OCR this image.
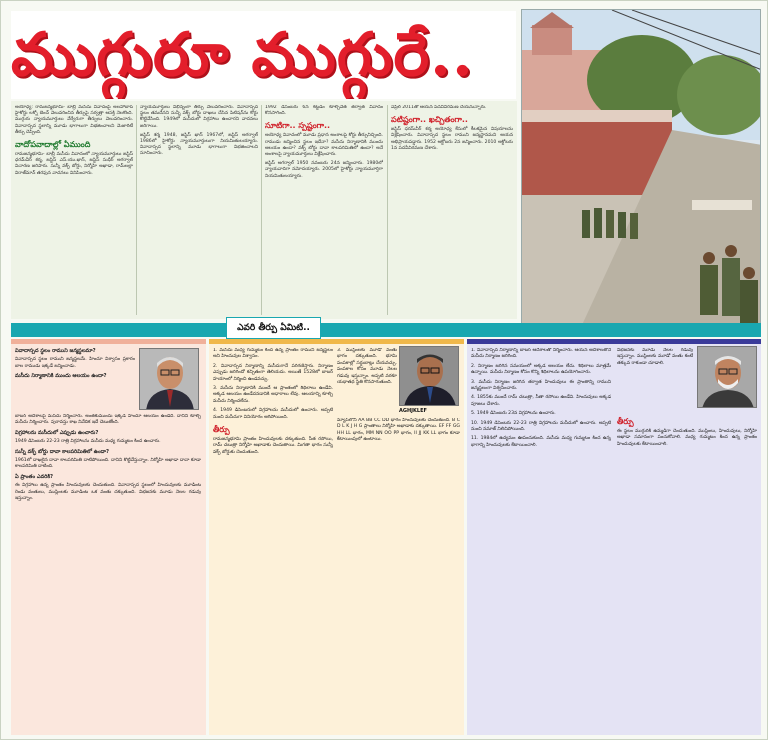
ముగ్గురూ ముగ్గురే..

అయోధ్య: రామజన్మభూమి- బాబ్రీ మసీదు వివాదంపై అలహాబాద్ హైకోర్టు లక్నో బెంచ్ వెలువరించిన తీర్పుపై సర్వత్రా ఆసక్తి నెలకొంది. ముగ్గురు న్యాయమూర్తులు వేర్వేరుగా తీర్పులు వెలువరించారు. వివాదాస్పద స్థలాన్ని మూడు భాగాలుగా విభజించాలని మెజారిటీ తీర్పు చెప్పింది.

వాదోపవాదాల్లో ఏముంది

రామజన్మభూమి- బాబ్రీ మసీదు వివాదంలో న్యాయమూర్తులు జస్టిస్ ధరమ్‌వీర్ శర్మ, జస్టిస్ ఎస్.యు.ఖాన్, జస్టిస్ సుధీర్ అగర్వాల్ విచారణ జరిపారు. సున్నీ వక్ఫ్ బోర్డు, నిర్మోహి అఖాడా, రామ్‌లల్లా విరాజ్‌మాన్ తరఫున వాదనలు వినిపించారు.

న్యాయమూర్తులు విభిన్నంగా తీర్పు వెలువరించారు. వివాదాస్పద స్థలం తమదేనని సున్నీ వక్ఫ్ బోర్డు దాఖలు చేసిన పిటిషన్‌ను కోర్టు కొట్టివేసింది. 1949లో మసీదులో విగ్రహాలు ఉంచారని వాదనలు జరిగాయి.

జస్టిస్ శర్మ 1948, జస్టిస్ ఖాన్ 1967లో, జస్టిస్ అగర్వాల్ 1986లో హైకోర్టు న్యాయమూర్తులుగా నియమితులయ్యారు. వివాదాస్పద స్థలాన్ని మూడు భాగాలుగా విభజించాలని సూచించారు.

1992 డిసెంబరు 6న కట్టడం కూల్చివేత తర్వాత వివాదం కొనసాగింది.

సూటిగా.. స్పష్టంగా..

అయోధ్య వివాదంలో మూడు ప్రధాన అంశాలపై కోర్టు తీర్పునిచ్చింది. రాముడు జన్మించిన స్థలం ఇదేనా? మసీదు నిర్మాణానికి ముందు ఆలయం ఉందా? వక్ఫ్ బోర్డు దావా కాలపరిమితిలో ఉందా? అనే అంశాలపై న్యాయమూర్తులు విశ్లేషించారు.

జస్టిస్ అగర్వాల్ 1950 నవంబరు 24న జన్మించారు. 1980లో న్యాయవాదిగా నమోదయ్యారు. 2005లో హైకోర్టు న్యాయమూర్తిగా నియమితులయ్యారు.

ఏప్రిల్ 2011తో ఆయన పదవీవిరమణ చేయనున్నారు.

పటిష్టంగా.. ఖచ్చితంగా..

జస్టిస్ ధరమ్‌వీర్ శర్మ అయోధ్య కేసులో కీలకమైన విషయాలను విశ్లేషించారు. వివాదాస్పద స్థలం రాముని జన్మస్థానమని ఆయన అభిప్రాయపడ్డారు. 1952 అక్టోబరు 2న జన్మించారు. 2010 అక్టోబరు 1న పదవీవిరమణ చేశారు.

ఎవరి తీర్పు ఏమిటి..

వివాదాస్పద స్థలం రాముని జన్మస్థలమా?

వివాదాస్పద స్థలం రాముని జన్మస్థలమే. హిందూ విశ్వాసం ప్రకారం బాల రాముడు ఇక్కడే జన్మించాడు.

మసీదు నిర్మాణానికి ముందు ఆలయం ఉందా?

బాబర్ ఆదేశాలపై మసీదు నిర్మించారు. అంతకుముందు ఇక్కడ హిందూ ఆలయం ఉండేది. దానిని కూల్చి మసీదు నిర్మించారు. పురావస్తు శాఖ నివేదిక ఇదే చెబుతోంది.

విగ్రహాలను మసీదులో ఎప్పుడు ఉంచారు?

1949 డిసెంబరు 22-23 రాత్రి విగ్రహాలను మసీదు మధ్య గుమ్మటం కింద ఉంచారు.

సున్నీ వక్ఫ్ బోర్డు దావా కాలపరిమితిలో ఉందా?

1961లో దాఖలైన దావా కాలపరిమితి దాటిపోయింది. దానిని కొట్టివేస్తున్నాం. నిర్మోహి అఖాడా దావా కూడా కాలపరిమితి దాటింది.

ఏ ప్రాంతం ఎవరికి?

ఈ విగ్రహాలు ఉన్న ప్రాంతం హిందువులకు చెందుతుంది. వివాదాస్పద స్థలంలో హిందువులకు మూడింట రెండు వంతులు, ముస్లింలకు మూడింట ఒక వంతు దక్కుతుంది. విభజనకు మూడు నెలల గడువు ఇస్తున్నాం.

1. మసీదు మధ్య గుమ్మటం కింద ఉన్న ప్రాంతం రాముని జన్మస్థలం అని హిందువుల విశ్వాసం.

2. వివాదాస్పద నిర్మాణాన్ని మసీదుగానే పరిగణిస్తారు. నిర్మాణం ఎప్పుడు జరిగిందో కచ్చితంగా తెలియదు. అయితే 1528లో బాబర్ హయాంలో నిర్మించి ఉండవచ్చు.

3. మసీదు నిర్మాణానికి ముందే ఆ ప్రాంతంలో శిథిలాలు ఉండేవి. అక్కడ ఆలయం ఉండేదనడానికి ఆధారాలు లేవు. ఆలయాన్ని కూల్చి మసీదు నిర్మించలేదు.

4. 1949 డిసెంబరులో విగ్రహాలను మసీదులో ఉంచారు. అప్పటి నుంచి మసీదుగా వినియోగం ఆగిపోయింది.

తీర్పు

రామజన్మభూమి ప్రాంతం హిందువులకు దక్కుతుంది. సీత రసోయి, రామ్ చబుత్రా నిర్మోహి అఖాడాకు చెందుతాయి. మిగతా భాగం సున్నీ వక్ఫ్ బోర్డుకు చెందుతుంది.

3. ముస్లింలకు మూడో వంతు భాగం దక్కుతుంది. భూమి పంపకాల్లో సర్దుబాట్లు చేయవచ్చు. పంపకాల కోసం మూడు నెలల గడువు ఇస్తున్నాం. అప్పటి వరకూ యథాతథ స్థితి కొనసాగుతుంది.

AGHJKLEF

మ్యాప్‌లోని AA BB CC DD భాగం హిందువులకు చెందుతుంది. B C D L K J H G ప్రాంతాలు నిర్మోహి అఖాడాకు దక్కుతాయి. EF FF GG HH LL భాగం, MM NN OO PP భాగం, II JJ KK LL భాగం కూడా కేటాయింపులో ఉంటాయి.

1. వివాదాస్పద నిర్మాణాన్ని బాబర్ ఆదేశాలతో నిర్మించారు. ఆయన ఆదేశాలతోనే మసీదు నిర్మాణం జరిగింది.

2. నిర్మాణం జరిగిన సమయంలో అక్కడ ఆలయం లేదు. శిథిలాలు మాత్రమే ఉన్నాయి. మసీదు నిర్మాణం కోసం కొన్ని శిథిలాలను ఉపయోగించారు.

3. మసీదు నిర్మాణం జరిగిన తర్వాత హిందువులు ఈ ప్రాంతాన్ని రాముని జన్మస్థలంగా విశ్వసించారు.

4. 1855కు ముందే రామ్ చబుత్రా, సీతా రసోయి ఉండేవి. హిందువులు అక్కడ పూజలు చేశారు.

5. 1949 డిసెంబరు 23న విగ్రహాలను ఉంచారు.

10. 1949 డిసెంబరు 22-23 రాత్రి విగ్రహాలను మసీదులో ఉంచారు. అప్పటి నుంచి నమాజ్ నిలిచిపోయింది.

11. 1984లో ఉద్యమం ఊపందుకుంది. మసీదు మధ్య గుమ్మటం కింద ఉన్న భాగాన్ని హిందువులకు కేటాయించాలి.

విభజనకు మూడు నెలల గడువు ఇస్తున్నాం. ముస్లింలకు మూడో వంతు కంటే తక్కువ రాకుండా చూడాలి.

తీర్పు

ఈ స్థలం ముగ్గురికి ఉమ్మడిగా చెందుతుంది. ముస్లింలు, హిందువులు, నిర్మోహి అఖాడా సమానంగా పంచుకోవాలి. మధ్య గుమ్మటం కింద ఉన్న ప్రాంతం హిందువులకు కేటాయించాలి.
